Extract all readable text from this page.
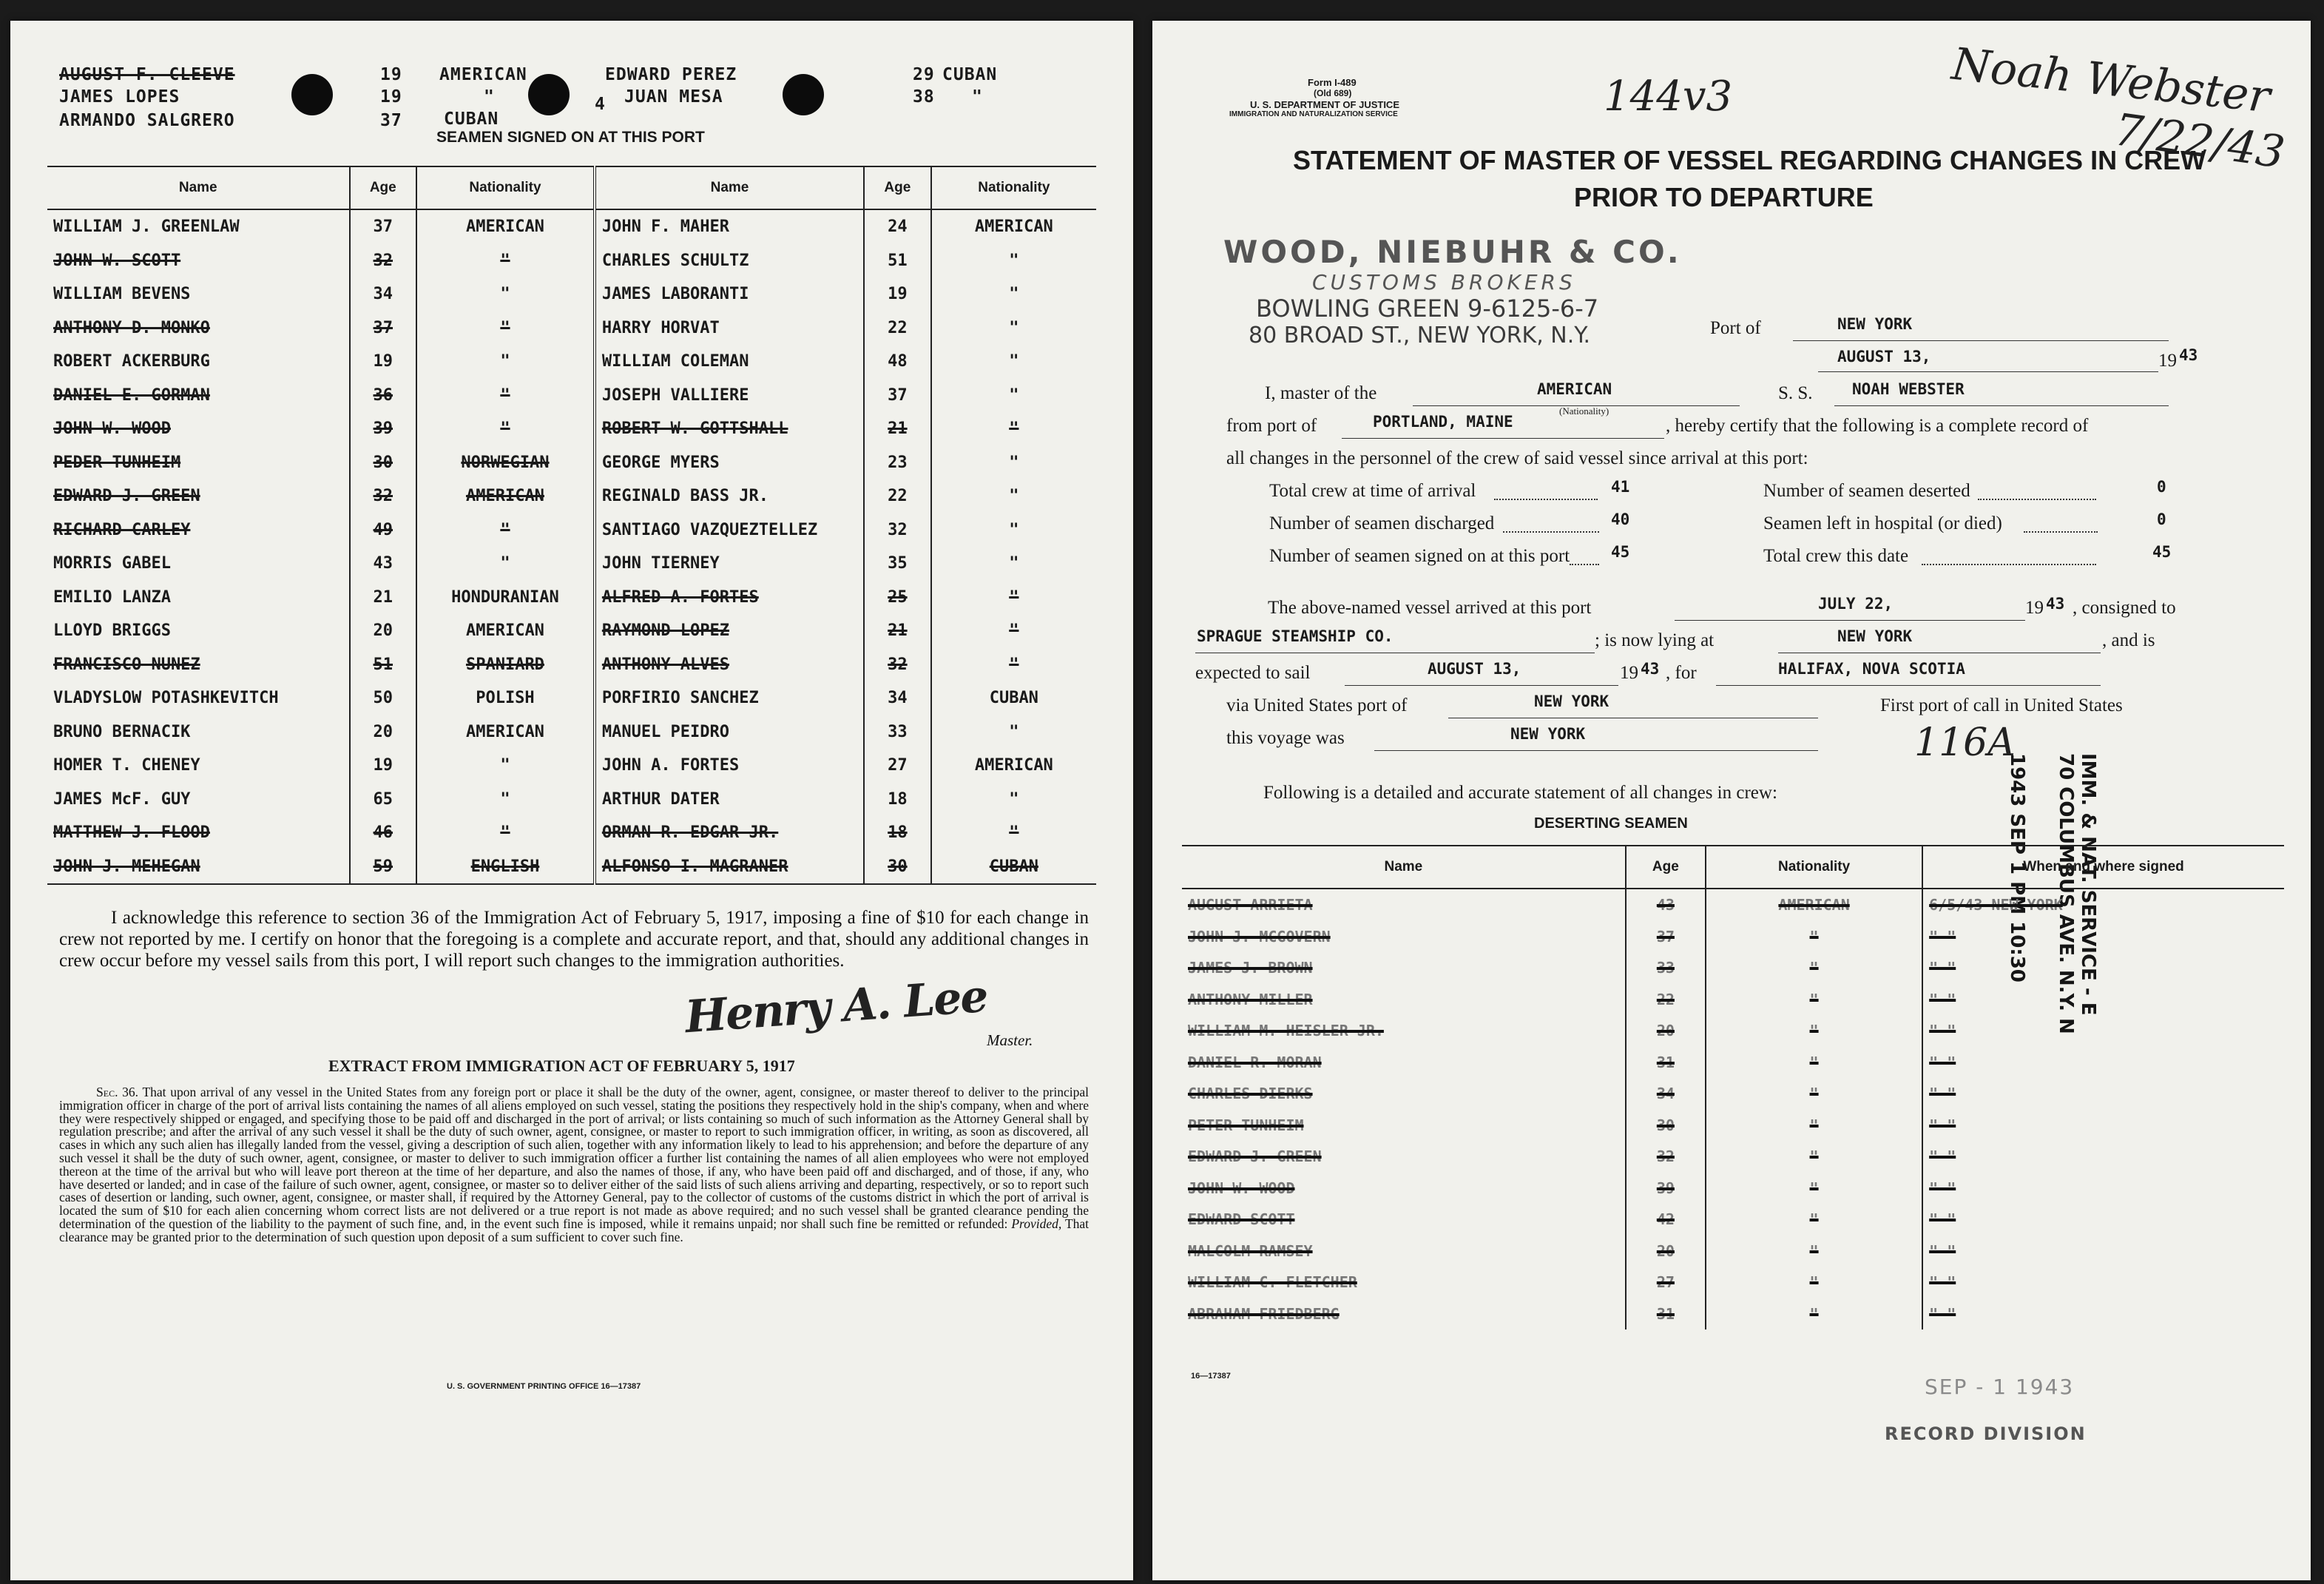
AUGUST F. CLEEVE	19 AMERICAN	EDWARD PEREZ	29 CUBAN
JAMES LOPES	19	"	4 JUAN MESA	38 "
ARMANDO SALGRERO	37 CUBAN
SEAMEN SIGNED ON AT THIS PORT
Name	Age	Nationality	Name	Age	Nationality
WILLIAM J. GREENLAW	37	AMERICAN	JOHN F. MAHER	24	AMERICAN
JOHN W. SCOTT	32	"	CHARLES SCHULTZ	51	"
WILLIAM BEVENS	34	"	JAMES LABORANTI	19	"
ANTHONY D. MONKO	37	"	HARRY HORVAT	22	"
ROBERT ACKERBURG	19	"	WILLIAM COLEMAN	48	"
DANIEL E. GORMAN	36	"	JOSEPH VALLIERE	37	"
JOHN W. WOOD	39	"	ROBERT W. GOTTSHALL	21	"
PEDER TUNHEIM	30	NORWEGIAN	GEORGE MYERS	23	"
EDWARD J. GREEN	32	AMERICAN	REGINALD BASS JR.	22	"
RICHARD CARLEY	49	"	SANTIAGO VAZQUEZTELLEZ	32	"
MORRIS GABEL	43	"	JOHN TIERNEY	35	"
EMILIO LANZA	21	HONDURANIAN	ALFRED A. FORTES	25	"
LLOYD BRIGGS	20	AMERICAN	RAYMOND LOPEZ	21	"
FRANCISCO NUNEZ	51	SPANIARD	ANTHONY ALVES	32	"
VLADYSLOW POTASHKEVITCH	50	POLISH	PORFIRIO SANCHEZ	34	CUBAN
BRUNO BERNACIK	20	AMERICAN	MANUEL PEIDRO	33	"
HOMER T. CHENEY	19	"	JOHN A. FORTES	27	AMERICAN
JAMES McF. GUY	65	"	ARTHUR DATER	18	"
MATTHEW J. FLOOD	46	"	ORMAN R. EDGAR JR.	18	"
JOHN J. MEHEGAN	59	ENGLISH	ALFONSO I. MAGRANER	30	CUBAN
I acknowledge this reference to section 36 of the Immigration Act of February 5, 1917, imposing a fine of $10 for each change in crew not reported by me. I certify on honor that the foregoing is a complete and accurate report, and that, should any additional changes in crew occur before my vessel sails from this port, I will report such changes to the immigration authorities.
Henry A. Lee
Master.
EXTRACT FROM IMMIGRATION ACT OF FEBRUARY 5, 1917
Sec. 36. That upon arrival of any vessel in the United States from any foreign port or place it shall be the duty of the owner, agent, consignee, or master thereof to deliver to the principal immigration officer in charge of the port of arrival lists containing the names of all aliens employed on such vessel, stating the positions they respectively hold in the ship's company, when and where they were respectively shipped or engaged, and specifying those to be paid off and discharged in the port of arrival; or lists containing so much of such information as the Attorney General shall by regulation prescribe; and after the arrival of any such vessel it shall be the duty of such owner, agent, consignee, or master to report to such immigration officer, in writing, as soon as discovered, all cases in which any such alien has illegally landed from the vessel, giving a description of such alien, together with any information likely to lead to his apprehension; and before the departure of any such vessel it shall be the duty of such owner, agent, consignee, or master to deliver to such immigration officer a further list containing the names of all alien employees who were not employed thereon at the time of the arrival but who will leave port thereon at the time of her departure, and also the names of those, if any, who have been paid off and discharged, and of those, if any, who have deserted or landed; and in case of the failure of such owner, agent, consignee, or master so to deliver either of the said lists of such aliens arriving and departing, respectively, or so to report such cases of desertion or landing, such owner, agent, consignee, or master shall, if required by the Attorney General, pay to the collector of customs of the customs district in which the port of arrival is located the sum of $10 for each alien concerning whom correct lists are not delivered or a true report is not made as above required; and no such vessel shall be granted clearance pending the determination of the question of the liability to the payment of such fine, and, in the event such fine is imposed, while it remains unpaid; nor shall such fine be remitted or refunded: Provided, That clearance may be granted prior to the determination of such question upon deposit of a sum sufficient to cover such fine.
U. S. GOVERNMENT PRINTING OFFICE 16—17387
Form I-489
(Old 689)
U. S. DEPARTMENT OF JUSTICE
IMMIGRATION AND NATURALIZATION SERVICE	144v3	Noah Webster
7/22/43
STATEMENT OF MASTER OF VESSEL REGARDING CHANGES IN CREW
PRIOR TO DEPARTURE
WOOD, NIEBUHR & CO.
CUSTOMS BROKERS
BOWLING GREEN 9-6125-6-7
80 BROAD ST., NEW YORK, N.Y.	Port of	NEW YORK
AUGUST 13,	19 43
I, master of the	AMERICAN
(Nationality)
S. S.	NOAH WEBSTER
from port of	PORTLAND, MAINE	, hereby certify that the following is a complete record of
all changes in the personnel of the crew of said vessel since arrival at this port:
Total crew at time of arrival	41	Number of seamen deserted	0
Number of seamen discharged	40	Seamen left in hospital (or died)	0
Number of seamen signed on at this port	45	Total crew this date	45
The above-named vessel arrived at this port	JULY 22,	19 43 , consigned to
SPRAGUE STEAMSHIP CO.	; is now lying at	NEW YORK	, and is
expected to sail	AUGUST 13,	19 43 , for	HALIFAX, NOVA SCOTIA
via United States port of	NEW YORK	First port of call in United States
this voyage was	NEW YORK	116A
IMM. & NAT. SERVICE - E
70 COLUMBUS AVE. N.Y. N
1943 SEP 1 PM 10:30
Following is a detailed and accurate statement of all changes in crew:
DESERTING SEAMEN
Name	Age	Nationality	When and where signed
AUGUST ARRIETA	43	AMERICAN	6/5/43 NEW YORK
JOHN J. MCGOVERN	37	"	" "
JAMES J. BROWN	33	"	" "
ANTHONY MILLER	22	"	" "
WILLIAM M. HEISLER JR.	20	"	" "
DANIEL R. MORAN	31	"	" "
CHARLES DIERKS	34	"	" "
PETER TUNHEIM	30	"	" "
EDWARD J. GREEN	32	"	" "
JOHN W. WOOD	39	"	" "
EDWARD SCOTT	42	"	" "
MALCOLM RAMSEY	20	"	" "
WILLIAM C. FLETCHER	27	"	" "
ABRAHAM FRIEDBERG	31	"	" "
16—17387	SEP - 1 1943
RECORD DIVISION
